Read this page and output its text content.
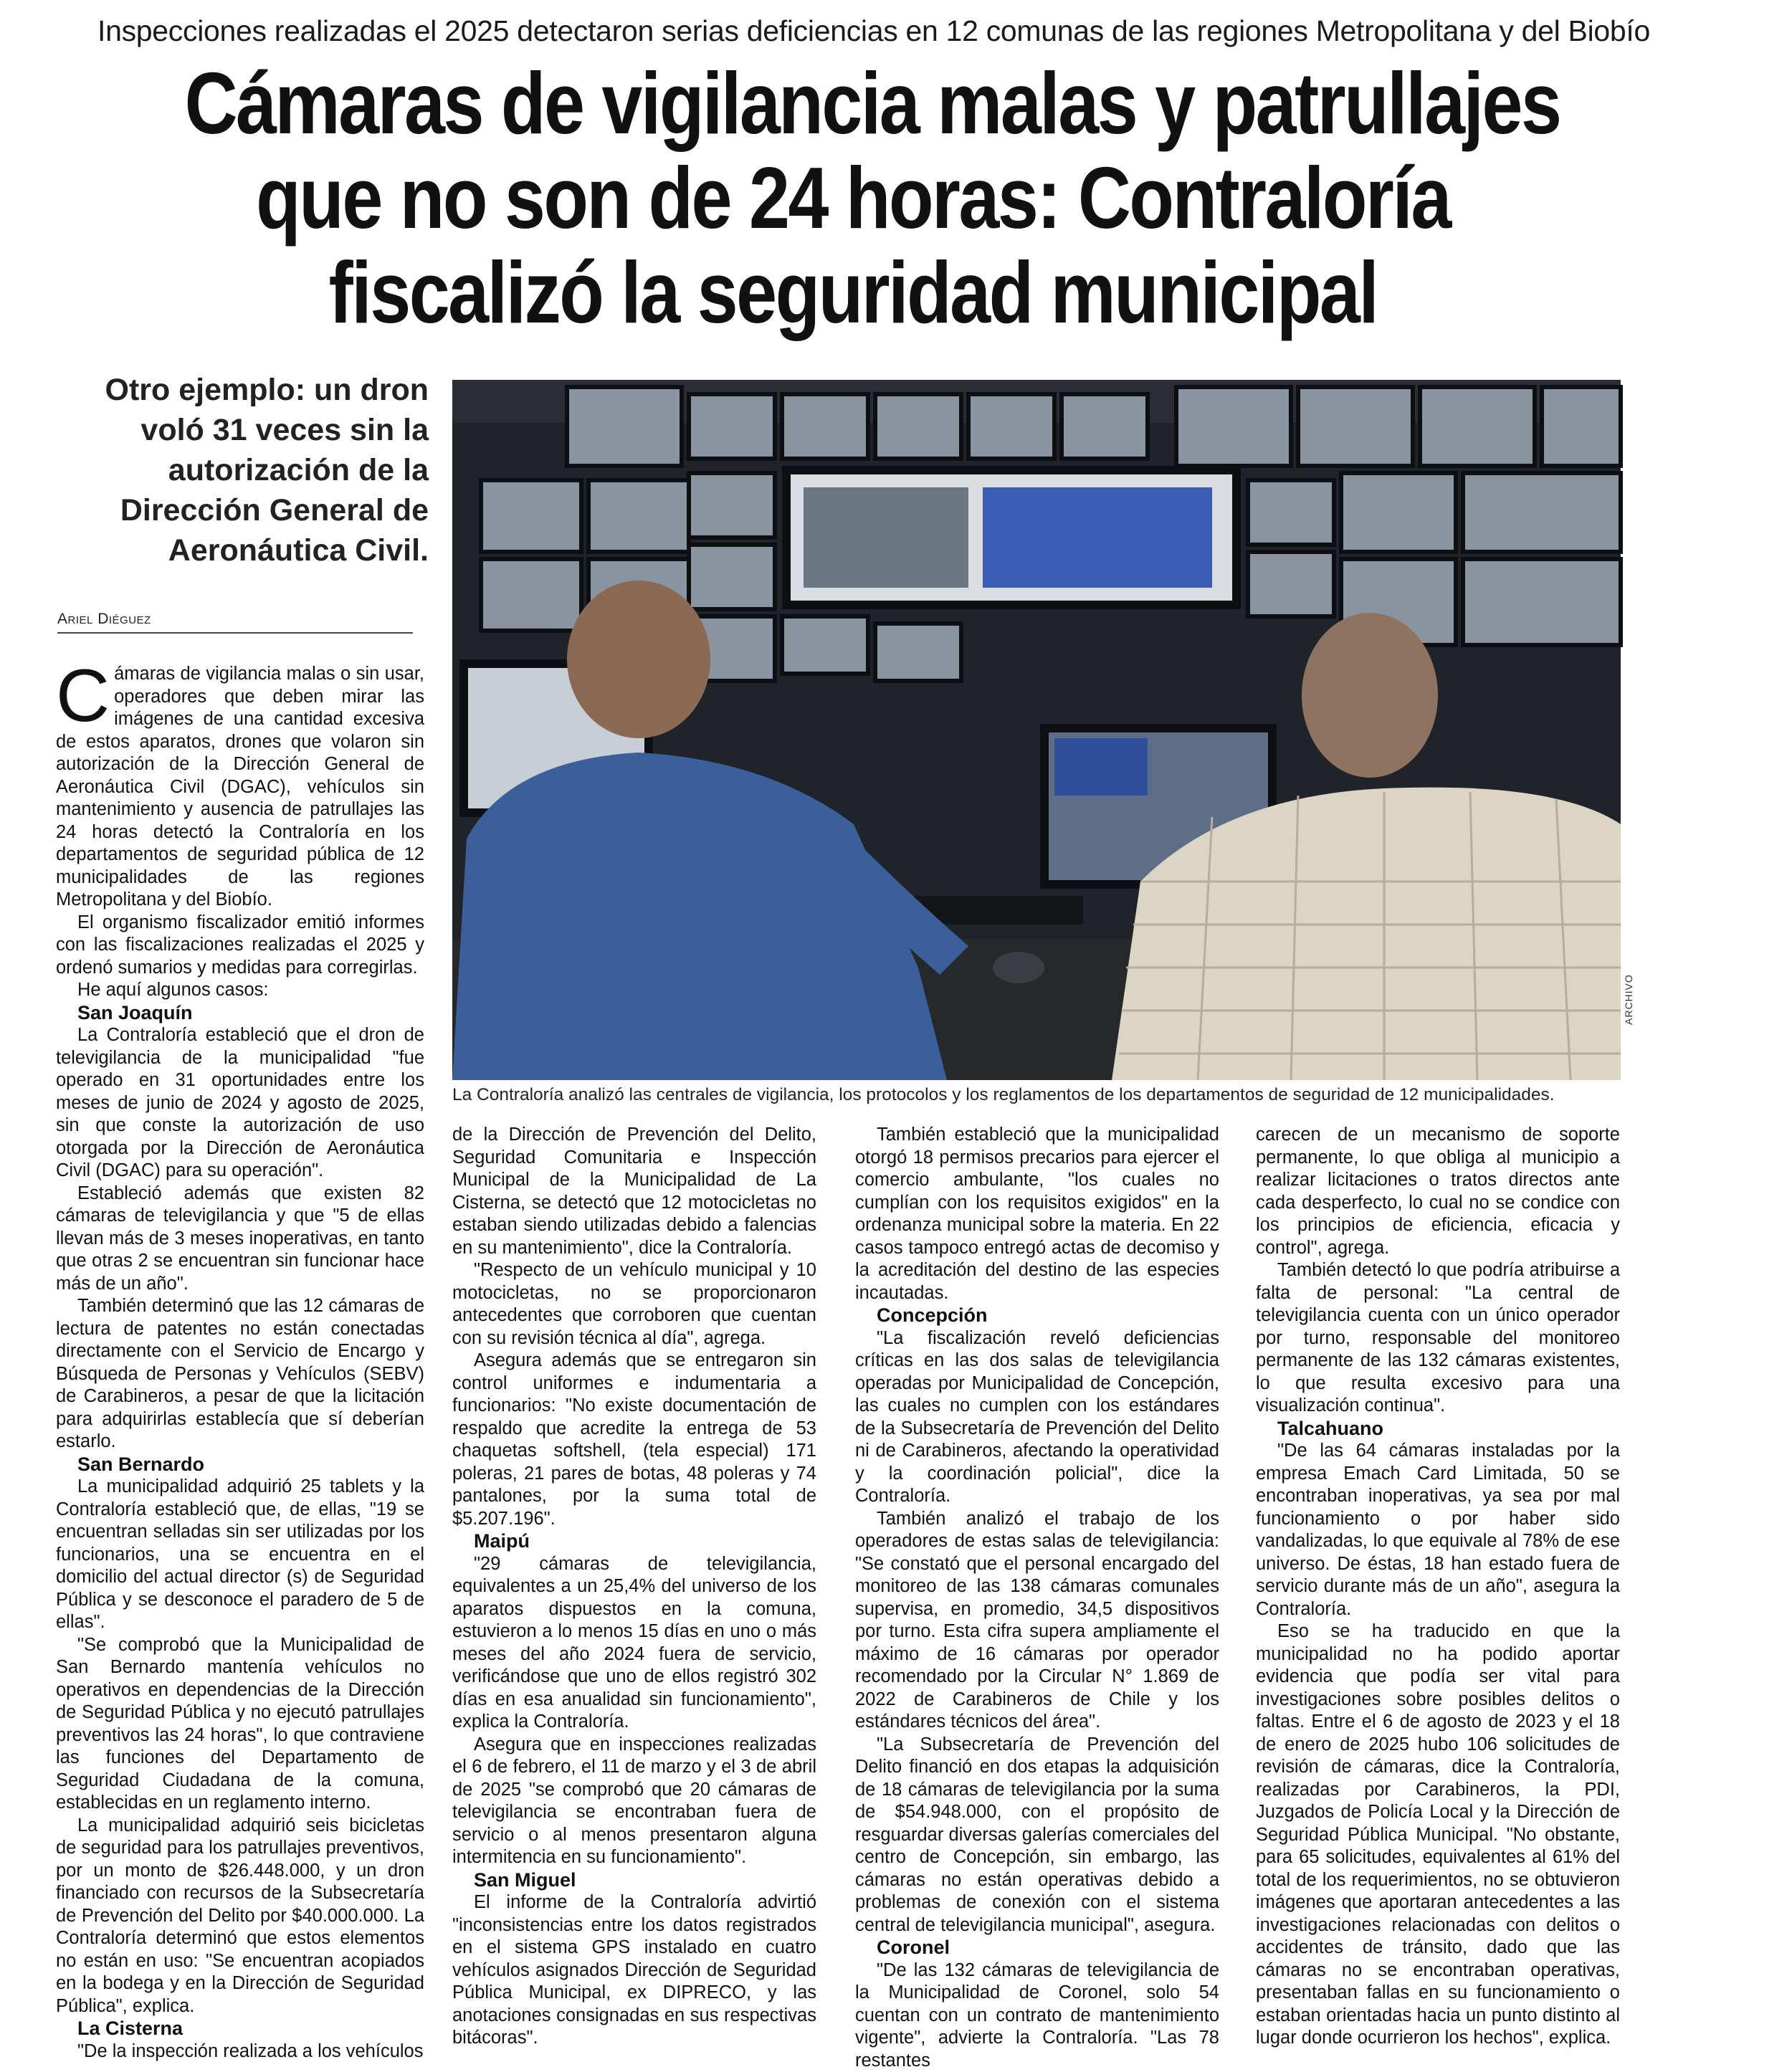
Inspecciones realizadas el 2025 detectaron serias deficiencias en 12 comunas de las regiones Metropolitana y del Biobío
Cámaras de vigilancia malas y patrullajes
que no son de 24 horas: Contraloría
fiscalizó la seguridad municipal
Otro ejemplo: un dron voló 31 veces sin la autorización de la Dirección General de Aeronáutica Civil.
Ariel Diéguez
ARCHIVO
La Contraloría analizó las centrales de vigilancia, los protocolos y los reglamentos de los departamentos de seguridad de 12 municipalidades.

Cámaras de vigilancia malas o sin usar, operadores que deben mirar las imágenes de una cantidad excesiva de estos aparatos, drones que volaron sin autorización de la Dirección General de Aeronáutica Civil (DGAC), vehículos sin mantenimiento y ausencia de patrullajes las 24 horas detectó la Contraloría en los departamentos de seguridad pública de 12 municipalidades de las regiones Metropolitana y del Biobío.

El organismo fiscalizador emitió informes con las fiscalizaciones realizadas el 2025 y ordenó sumarios y medidas para corregirlas.

He aquí algunos casos:

San Joaquín

La Contraloría estableció que el dron de televigilancia de la municipalidad "fue operado en 31 oportunidades entre los meses de junio de 2024 y agosto de 2025, sin que conste la autorización de uso otorgada por la Dirección de Aeronáutica Civil (DGAC) para su operación".

Estableció además que existen 82 cámaras de televigilancia y que "5 de ellas llevan más de 3 meses inoperativas, en tanto que otras 2 se encuentran sin funcionar hace más de un año".

También determinó que las 12 cámaras de lectura de patentes no están conectadas directamente con el Servicio de Encargo y Búsqueda de Personas y Vehículos (SEBV) de Carabineros, a pesar de que la licitación para adquirirlas establecía que sí deberían estarlo.

San Bernardo

La municipalidad adquirió 25 tablets y la Contraloría estableció que, de ellas, "19 se encuentran selladas sin ser utilizadas por los funcionarios, una se encuentra en el domicilio del actual director (s) de Seguridad Pública y se desconoce el paradero de 5 de ellas".

"Se comprobó que la Municipalidad de San Bernardo mantenía vehículos no operativos en dependencias de la Dirección de Seguridad Pública y no ejecutó patrullajes preventivos las 24 horas", lo que contraviene las funciones del Departamento de Seguridad Ciudadana de la comuna, establecidas en un reglamento interno.

La municipalidad adquirió seis bicicletas de seguridad para los patrullajes preventivos, por un monto de $26.448.000, y un dron financiado con recursos de la Subsecretaría de Prevención del Delito por $40.000.000. La Contraloría determinó que estos elementos no están en uso: "Se encuentran acopiados en la bodega y en la Dirección de Seguridad Pública", explica.

La Cisterna

"De la inspección realizada a los vehículos

de la Dirección de Prevención del Delito, Seguridad Comunitaria e Inspección Municipal de la Municipalidad de La Cisterna, se detectó que 12 motocicletas no estaban siendo utilizadas debido a falencias en su mantenimiento", dice la Contraloría.

"Respecto de un vehículo municipal y 10 motocicletas, no se proporcionaron antecedentes que corroboren que cuentan con su revisión técnica al día", agrega.

Asegura además que se entregaron sin control uniformes e indumentaria a funcionarios: "No existe documentación de respaldo que acredite la entrega de 53 chaquetas softshell, (tela especial) 171 poleras, 21 pares de botas, 48 poleras y 74 pantalones, por la suma total de $5.207.196".

Maipú

"29 cámaras de televigilancia, equivalentes a un 25,4% del universo de los aparatos dispuestos en la comuna, estuvieron a lo menos 15 días en uno o más meses del año 2024 fuera de servicio, verificándose que uno de ellos registró 302 días en esa anualidad sin funcionamiento", explica la Contraloría.

Asegura que en inspecciones realizadas el 6 de febrero, el 11 de marzo y el 3 de abril de 2025 "se comprobó que 20 cámaras de televigilancia se encontraban fuera de servicio o al menos presentaron alguna intermitencia en su funcionamiento".

San Miguel

El informe de la Contraloría advirtió "inconsistencias entre los datos registrados en el sistema GPS instalado en cuatro vehículos asignados Dirección de Seguridad Pública Municipal, ex DIPRECO, y las anotaciones consignadas en sus respectivas bitácoras".

También estableció que la municipalidad otorgó 18 permisos precarios para ejercer el comercio ambulante, "los cuales no cumplían con los requisitos exigidos" en la ordenanza municipal sobre la materia. En 22 casos tampoco entregó actas de decomiso y la acreditación del destino de las especies incautadas.

Concepción

"La fiscalización reveló deficiencias críticas en las dos salas de televigilancia operadas por Municipalidad de Concepción, las cuales no cumplen con los estándares de la Subsecretaría de Prevención del Delito ni de Carabineros, afectando la operatividad y la coordinación policial", dice la Contraloría.

También analizó el trabajo de los operadores de estas salas de televigilancia: "Se constató que el personal encargado del monitoreo de las 138 cámaras comunales supervisa, en promedio, 34,5 dispositivos por turno. Esta cifra supera ampliamente el máximo de 16 cámaras por operador recomendado por la Circular N° 1.869 de 2022 de Carabineros de Chile y los estándares técnicos del área".

"La Subsecretaría de Prevención del Delito financió en dos etapas la adquisición de 18 cámaras de televigilancia por la suma de $54.948.000, con el propósito de resguardar diversas galerías comerciales del centro de Concepción, sin embargo, las cámaras no están operativas debido a problemas de conexión con el sistema central de televigilancia municipal", asegura.

Coronel

"De las 132 cámaras de televigilancia de la Municipalidad de Coronel, solo 54 cuentan con un contrato de mantenimiento vigente", advierte la Contraloría. "Las 78 restantes

carecen de un mecanismo de soporte permanente, lo que obliga al municipio a realizar licitaciones o tratos directos ante cada desperfecto, lo cual no se condice con los principios de eficiencia, eficacia y control", agrega.

También detectó lo que podría atribuirse a falta de personal: "La central de televigilancia cuenta con un único operador por turno, responsable del monitoreo permanente de las 132 cámaras existentes, lo que resulta excesivo para una visualización continua".

Talcahuano

"De las 64 cámaras instaladas por la empresa Emach Card Limitada, 50 se encontraban inoperativas, ya sea por mal funcionamiento o por haber sido vandalizadas, lo que equivale al 78% de ese universo. De éstas, 18 han estado fuera de servicio durante más de un año", asegura la Contraloría.

Eso se ha traducido en que la municipalidad no ha podido aportar evidencia que podía ser vital para investigaciones sobre posibles delitos o faltas. Entre el 6 de agosto de 2023 y el 18 de enero de 2025 hubo 106 solicitudes de revisión de cámaras, dice la Contraloría, realizadas por Carabineros, la PDI, Juzgados de Policía Local y la Dirección de Seguridad Pública Municipal. "No obstante, para 65 solicitudes, equivalentes al 61% del total de los requerimientos, no se obtuvieron imágenes que aportaran antecedentes a las investigaciones relacionadas con delitos o accidentes de tránsito, dado que las cámaras no se encontraban operativas, presentaban fallas en su funcionamiento o estaban orientadas hacia un punto distinto al lugar donde ocurrieron los hechos", explica.
